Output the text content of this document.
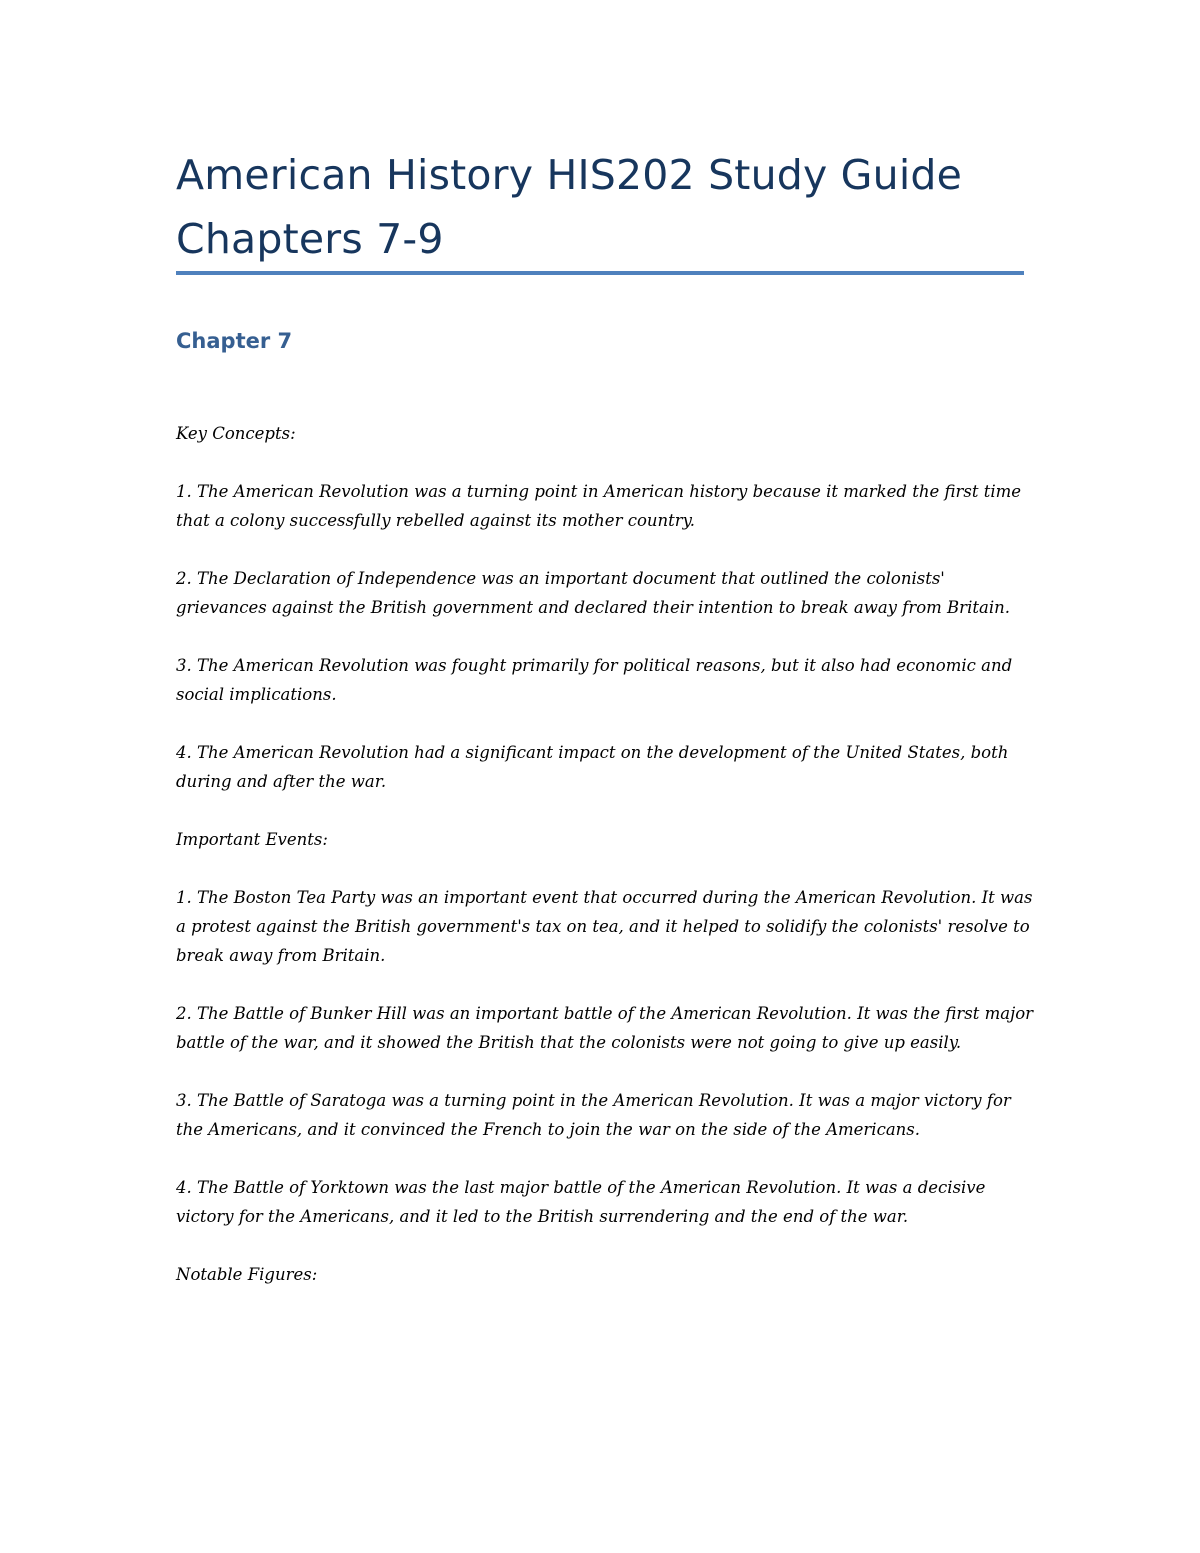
American History HIS202 Study Guide
Chapters 7-9
Chapter 7

Key Concepts:

1. The American Revolution was a turning point in American history because it marked the first time that a colony successfully rebelled against its mother country.

2. The Declaration of Independence was an important document that outlined the colonists' grievances against the British government and declared their intention to break away from Britain.

3. The American Revolution was fought primarily for political reasons, but it also had economic and social implications.

4. The American Revolution had a significant impact on the development of the United States, both during and after the war.

Important Events:

1. The Boston Tea Party was an important event that occurred during the American Revolution. It was a protest against the British government's tax on tea, and it helped to solidify the colonists' resolve to break away from Britain.

2. The Battle of Bunker Hill was an important battle of the American Revolution. It was the first major battle of the war, and it showed the British that the colonists were not going to give up easily.

3. The Battle of Saratoga was a turning point in the American Revolution. It was a major victory for the Americans, and it convinced the French to join the war on the side of the Americans.

4. The Battle of Yorktown was the last major battle of the American Revolution. It was a decisive victory for the Americans, and it led to the British surrendering and the end of the war.

Notable Figures:
